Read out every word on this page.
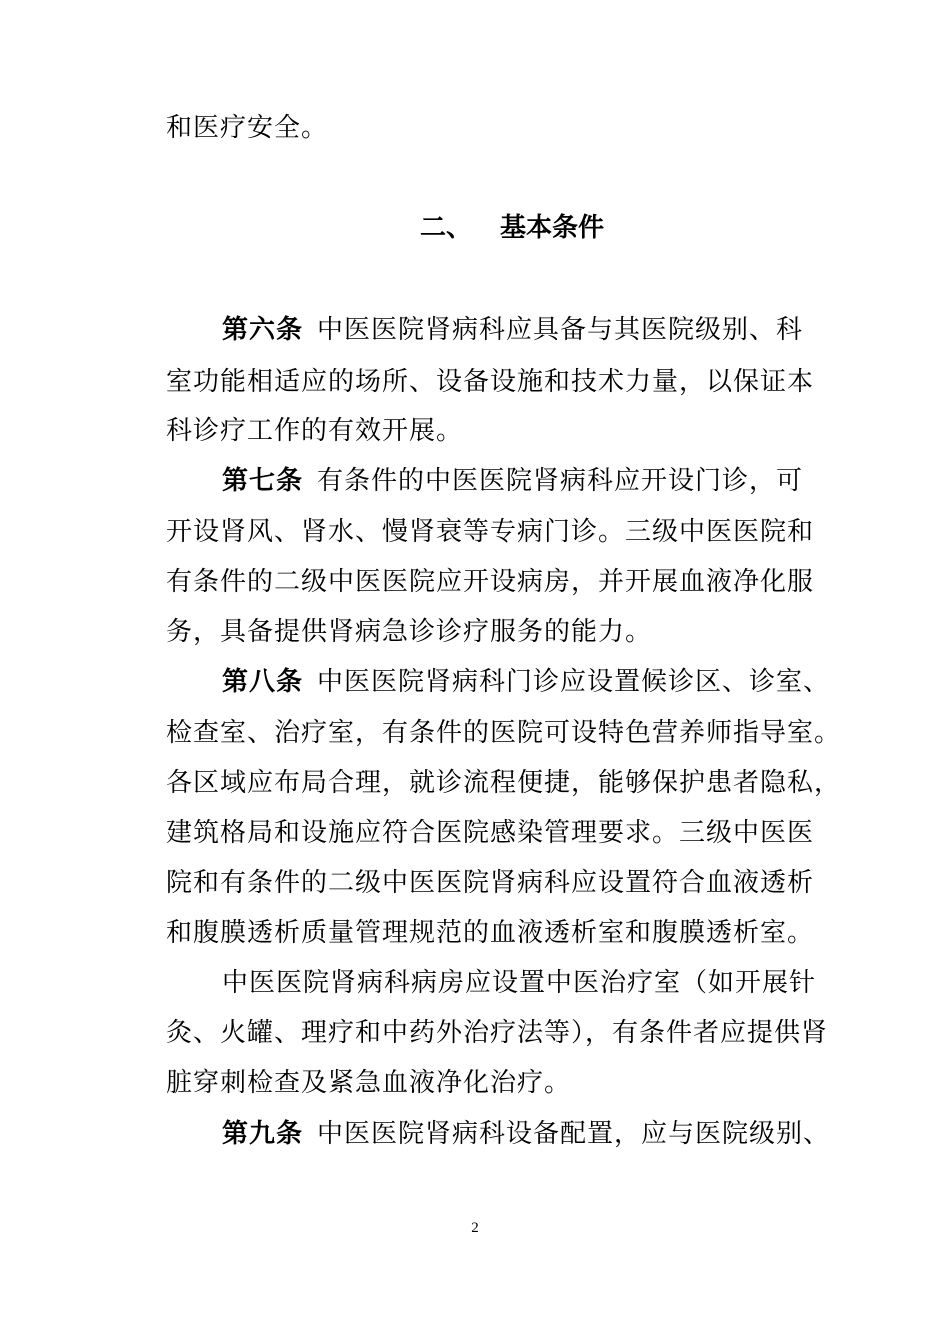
和医疗安全。
二、 基本条件
第六条 中医医院肾病科应具备与其医院级别、科
室功能相适应的场所、设备设施和技术力量，以保证本
科诊疗工作的有效开展。
第七条 有条件的中医医院肾病科应开设门诊，可
开设肾风、肾水、慢肾衰等专病门诊。三级中医医院和
有条件的二级中医医院应开设病房，并开展血液净化服
务，具备提供肾病急诊诊疗服务的能力。
第八条 中医医院肾病科门诊应设置候诊区、诊室、
检查室、治疗室，有条件的医院可设特色营养师指导室。
各区域应布局合理，就诊流程便捷，能够保护患者隐私，
建筑格局和设施应符合医院感染管理要求。三级中医医
院和有条件的二级中医医院肾病科应设置符合血液透析
和腹膜透析质量管理规范的血液透析室和腹膜透析室。
中医医院肾病科病房应设置中医治疗室（如开展针
灸、火罐、理疗和中药外治疗法等），有条件者应提供肾
脏穿刺检查及紧急血液净化治疗。
第九条 中医医院肾病科设备配置，应与医院级别、
2
